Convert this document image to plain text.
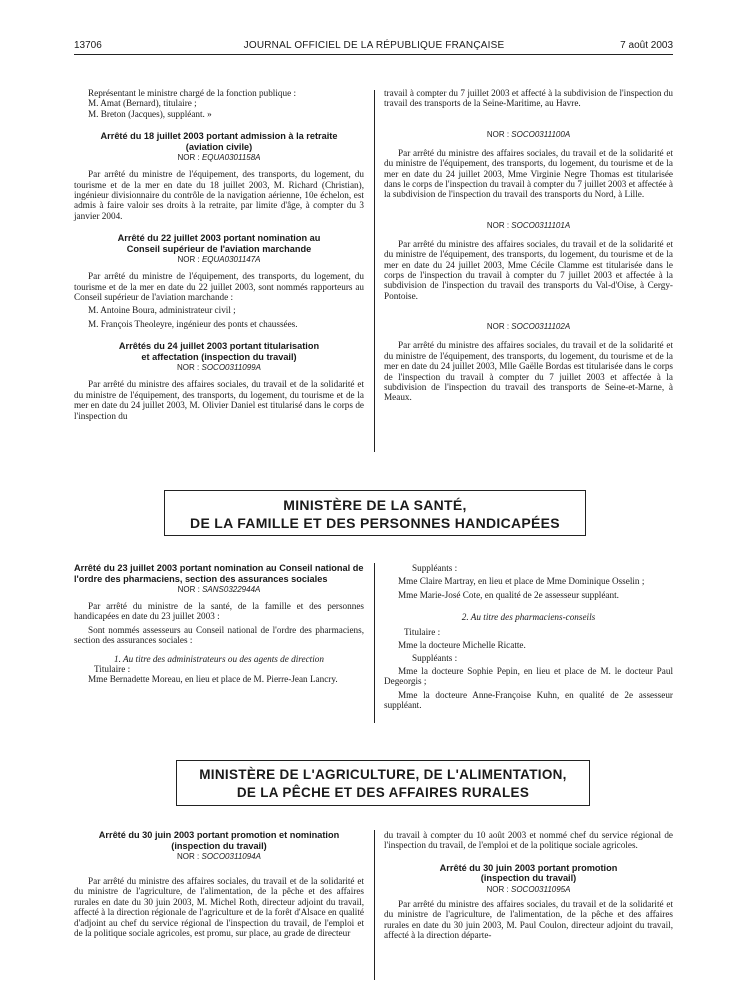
13706	JOURNAL OFFICIEL DE LA RÉPUBLIQUE FRANÇAISE	7 août 2003

Représentant le ministre chargé de la fonction publique :

M. Amat (Bernard), titulaire ;

M. Breton (Jacques), suppléant. »

Arrêté du 18 juillet 2003 portant admission à la retraite (aviation civile)
NOR : EQUA0301158A

Par arrêté du ministre de l'équipement, des transports, du logement, du tourisme et de la mer en date du 18 juillet 2003, M. Richard (Christian), ingénieur divisionnaire du contrôle de la navigation aérienne, 10e échelon, est admis à faire valoir ses droits à la retraite, par limite d'âge, à compter du 3 janvier 2004.

Arrêté du 22 juillet 2003 portant nomination au Conseil supérieur de l'aviation marchande
NOR : EQUA0301147A

Par arrêté du ministre de l'équipement, des transports, du logement, du tourisme et de la mer en date du 22 juillet 2003, sont nommés rapporteurs au Conseil supérieur de l'aviation marchande :

M. Antoine Boura, administrateur civil ;

M. François Theoleyre, ingénieur des ponts et chaussées.

Arrêtés du 24 juillet 2003 portant titularisation et affectation (inspection du travail)
NOR : SOCO0311099A

Par arrêté du ministre des affaires sociales, du travail et de la solidarité et du ministre de l'équipement, des transports, du logement, du tourisme et de la mer en date du 24 juillet 2003, M. Olivier Daniel est titularisé dans le corps de l'inspection du

travail à compter du 7 juillet 2003 et affecté à la subdivision de l'inspection du travail des transports de la Seine-Maritime, au Havre.

NOR : SOCO0311100A

Par arrêté du ministre des affaires sociales, du travail et de la solidarité et du ministre de l'équipement, des transports, du logement, du tourisme et de la mer en date du 24 juillet 2003, Mme Virginie Negre Thomas est titularisée dans le corps de l'inspection du travail à compter du 7 juillet 2003 et affectée à la subdivision de l'inspection du travail des transports du Nord, à Lille.

NOR : SOCO0311101A

Par arrêté du ministre des affaires sociales, du travail et de la solidarité et du ministre de l'équipement, des transports, du logement, du tourisme et de la mer en date du 24 juillet 2003, Mme Cécile Clamme est titularisée dans le corps de l'inspection du travail à compter du 7 juillet 2003 et affectée à la subdivision de l'inspection du travail des transports du Val-d'Oise, à Cergy-Pontoise.

NOR : SOCO0311102A

Par arrêté du ministre des affaires sociales, du travail et de la solidarité et du ministre de l'équipement, des transports, du logement, du tourisme et de la mer en date du 24 juillet 2003, Mlle Gaëlle Bordas est titularisée dans le corps de l'inspection du travail à compter du 7 juillet 2003 et affectée à la subdivision de l'inspection du travail des transports de Seine-et-Marne, à Meaux.

MINISTÈRE DE LA SANTÉ,
DE LA FAMILLE ET DES PERSONNES HANDICAPÉES
Arrêté du 23 juillet 2003 portant nomination au Conseil national de l'ordre des pharmaciens, section des assurances sociales
NOR : SANS0322944A

Par arrêté du ministre de la santé, de la famille et des personnes handicapées en date du 23 juillet 2003 :

Sont nommés assesseurs au Conseil national de l'ordre des pharmaciens, section des assurances sociales :

1. Au titre des administrateurs ou des agents de direction

Titulaire :

Mme Bernadette Moreau, en lieu et place de M. Pierre-Jean Lancry.

Suppléants :

Mme Claire Martray, en lieu et place de Mme Dominique Osselin ;

Mme Marie-José Cote, en qualité de 2e assesseur suppléant.

2. Au titre des pharmaciens-conseils

Titulaire :

Mme la docteure Michelle Ricatte.

Suppléants :

Mme la docteure Sophie Pepin, en lieu et place de M. le docteur Paul Degeorgis ;

Mme la docteure Anne-Françoise Kuhn, en qualité de 2e assesseur suppléant.

MINISTÈRE DE L'AGRICULTURE, DE L'ALIMENTATION,
DE LA PÊCHE ET DES AFFAIRES RURALES
Arrêté du 30 juin 2003 portant promotion et nomination (inspection du travail)
NOR : SOCO0311094A

Par arrêté du ministre des affaires sociales, du travail et de la solidarité et du ministre de l'agriculture, de l'alimentation, de la pêche et des affaires rurales en date du 30 juin 2003, M. Michel Roth, directeur adjoint du travail, affecté à la direction régionale de l'agriculture et de la forêt d'Alsace en qualité d'adjoint au chef du service régional de l'inspection du travail, de l'emploi et de la politique sociale agricoles, est promu, sur place, au grade de directeur

du travail à compter du 10 août 2003 et nommé chef du service régional de l'inspection du travail, de l'emploi et de la politique sociale agricoles.

Arrêté du 30 juin 2003 portant promotion (inspection du travail)
NOR : SOCO0311095A

Par arrêté du ministre des affaires sociales, du travail et de la solidarité et du ministre de l'agriculture, de l'alimentation, de la pêche et des affaires rurales en date du 30 juin 2003, M. Paul Coulon, directeur adjoint du travail, affecté à la direction départe-
